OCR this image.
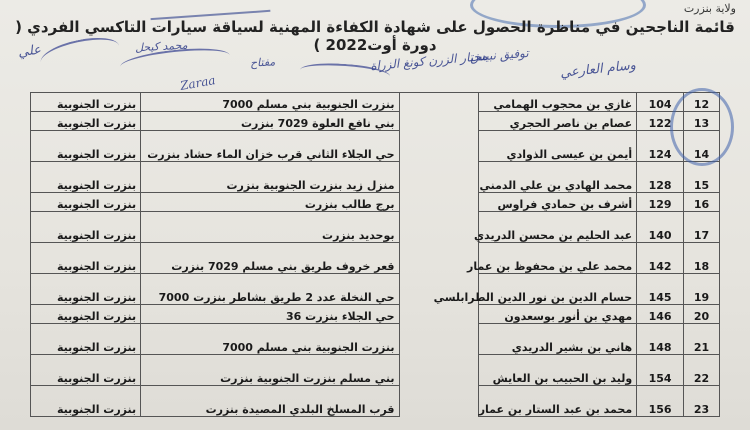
ولاية بنزرت
قائمة الناجحين في مناظرة الحصول على شهادة الكفاءة المهنية لسياقة سيارات التاكسي الفردي ( دورة أوت2022 )
وسام العارعي
مختار الزرن كونغ الزراة
محمد كيحل	توفيق نبيس
مفتاح
Zaraa
علي
12	104	غازي بن محجوب الهمامي		بنزرت الجنوبية بني مسلم 7000	بنزرت الجنوبية
13	122	عصام بن ناصر الحجري		بني نافع العلوة 7029 بنزرت	بنزرت الجنوبية
14	124	أيمن بن عيسى الذوادي		حي الجلاء الثاني قرب خزان الماء حشاد بنزرت	بنزرت الجنوبية
15	128	محمد الهادي بن علي الدمني		منزل زيد بنزرت الجنوبية بنزرت	بنزرت الجنوبية
16	129	أشرف بن حمادي فراوس		برج طالب بنزرت	بنزرت الجنوبية
17	140	عبد الحليم بن محسن الدريدي		بوحديد بنزرت	بنزرت الجنوبية
18	142	محمد علي بن محفوظ بن عمار		قعر خروف طريق بني مسلم 7029 بنزرت	بنزرت الجنوبية
19	145	حسام الدين بن نور الدين الطرابلسي		حي النخلة عدد 2 طريق بشاطر بنزرت 7000	بنزرت الجنوبية
20	146	مهدي بن أنور بوسعدون		حي الجلاء بنزرت 36	بنزرت الجنوبية
21	148	هاني بن بشير الدريدي		بنزرت الجنوبية بني مسلم 7000	بنزرت الجنوبية
22	154	وليد بن الحبيب بن العايش		بني مسلم بنزرت الجنوبية بنزرت	بنزرت الجنوبية
23	156	محمد بن عبد الستار بن عمار		قرب المسلخ البلدي المصيدة بنزرت	بنزرت الجنوبية
